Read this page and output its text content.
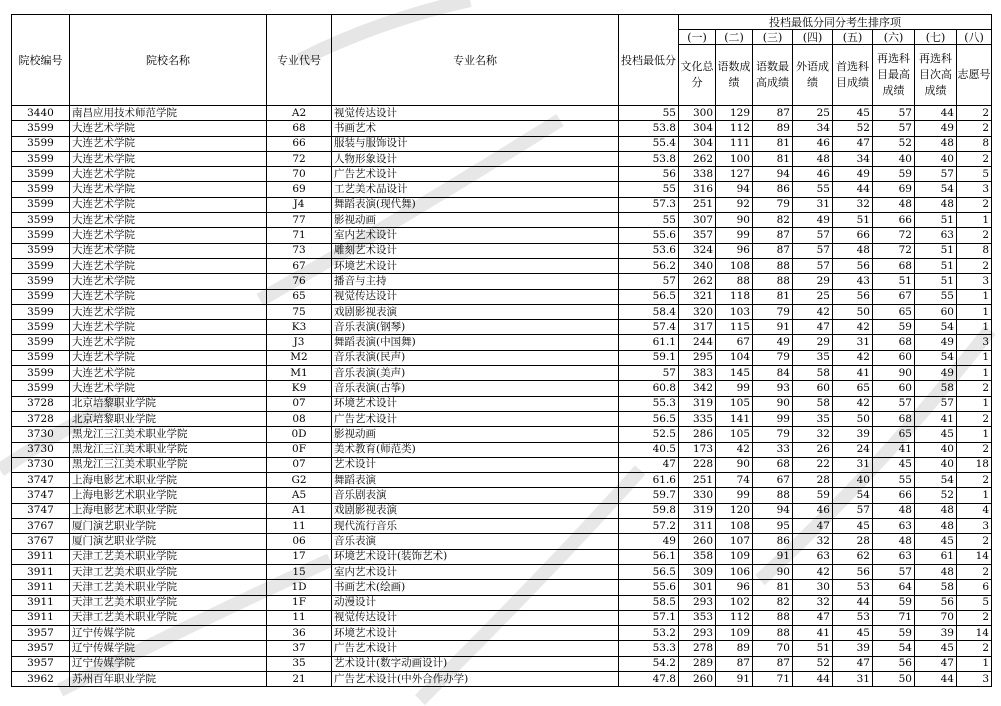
院校编号	院校名称	专业代号	专业名称	投档最低分	投档最低分同分考生排序项							
					(一)	(二)	(三)	(四)	(五)	(六)	(七)	(八)
					文化总分	语数成绩	语数最高成绩	外语成绩	首选科目成绩	再选科目最高成绩	再选科目次高成绩	志愿号
3440	南昌应用技术师范学院	A2	视觉传达设计	55	300	129	87	25	45	57	44	2
3599	大连艺术学院	68	书画艺术	53.8	304	112	89	34	52	57	49	2
3599	大连艺术学院	66	服装与服饰设计	55.4	304	111	81	46	47	52	48	8
3599	大连艺术学院	72	人物形象设计	53.8	262	100	81	48	34	40	40	2
3599	大连艺术学院	70	广告艺术设计	56	338	127	94	46	49	59	57	5
3599	大连艺术学院	69	工艺美术品设计	55	316	94	86	55	44	69	54	3
3599	大连艺术学院	J4	舞蹈表演(现代舞)	57.3	251	92	79	31	32	48	48	2
3599	大连艺术学院	77	影视动画	55	307	90	82	49	51	66	51	1
3599	大连艺术学院	71	室内艺术设计	55.6	357	99	87	57	66	72	63	2
3599	大连艺术学院	73	雕刻艺术设计	53.6	324	96	87	57	48	72	51	8
3599	大连艺术学院	67	环境艺术设计	56.2	340	108	88	57	56	68	51	2
3599	大连艺术学院	76	播音与主持	57	262	88	88	29	43	51	51	3
3599	大连艺术学院	65	视觉传达设计	56.5	321	118	81	25	56	67	55	1
3599	大连艺术学院	75	戏剧影视表演	58.4	320	103	79	42	50	65	60	1
3599	大连艺术学院	K3	音乐表演(钢琴)	57.4	317	115	91	47	42	59	54	1
3599	大连艺术学院	J3	舞蹈表演(中国舞)	61.1	244	67	49	29	31	68	49	3
3599	大连艺术学院	M2	音乐表演(民声)	59.1	295	104	79	35	42	60	54	1
3599	大连艺术学院	M1	音乐表演(美声)	57	383	145	84	58	41	90	49	1
3599	大连艺术学院	K9	音乐表演(古筝)	60.8	342	99	93	60	65	60	58	2
3728	北京培黎职业学院	07	环境艺术设计	55.3	319	105	90	58	42	57	57	1
3728	北京培黎职业学院	08	广告艺术设计	56.5	335	141	99	35	50	68	41	2
3730	黑龙江三江美术职业学院	0D	影视动画	52.5	286	105	79	32	39	65	45	1
3730	黑龙江三江美术职业学院	0F	美术教育(师范类)	40.5	173	42	33	26	24	41	40	2
3730	黑龙江三江美术职业学院	07	艺术设计	47	228	90	68	22	31	45	40	18
3747	上海电影艺术职业学院	G2	舞蹈表演	61.6	251	74	67	28	40	55	54	2
3747	上海电影艺术职业学院	A5	音乐剧表演	59.7	330	99	88	59	54	66	52	1
3747	上海电影艺术职业学院	A1	戏剧影视表演	59.8	319	120	94	46	57	48	48	4
3767	厦门演艺职业学院	11	现代流行音乐	57.2	311	108	95	47	45	63	48	3
3767	厦门演艺职业学院	06	音乐表演	49	260	107	86	32	28	48	45	2
3911	天津工艺美术职业学院	17	环境艺术设计(装饰艺术)	56.1	358	109	91	63	62	63	61	14
3911	天津工艺美术职业学院	15	室内艺术设计	56.5	309	106	90	42	56	57	48	2
3911	天津工艺美术职业学院	1D	书画艺术(绘画)	55.6	301	96	81	30	53	64	58	6
3911	天津工艺美术职业学院	1F	动漫设计	58.5	293	102	82	32	44	59	56	5
3911	天津工艺美术职业学院	11	视觉传达设计	57.1	353	112	88	47	53	71	70	2
3957	辽宁传媒学院	36	环境艺术设计	53.2	293	109	88	41	45	59	39	14
3957	辽宁传媒学院	37	广告艺术设计	53.3	278	89	70	51	39	54	45	2
3957	辽宁传媒学院	35	艺术设计(数字动画设计)	54.2	289	87	87	52	47	56	47	1
3962	苏州百年职业学院	21	广告艺术设计(中外合作办学)	47.8	260	91	71	44	31	50	44	3
